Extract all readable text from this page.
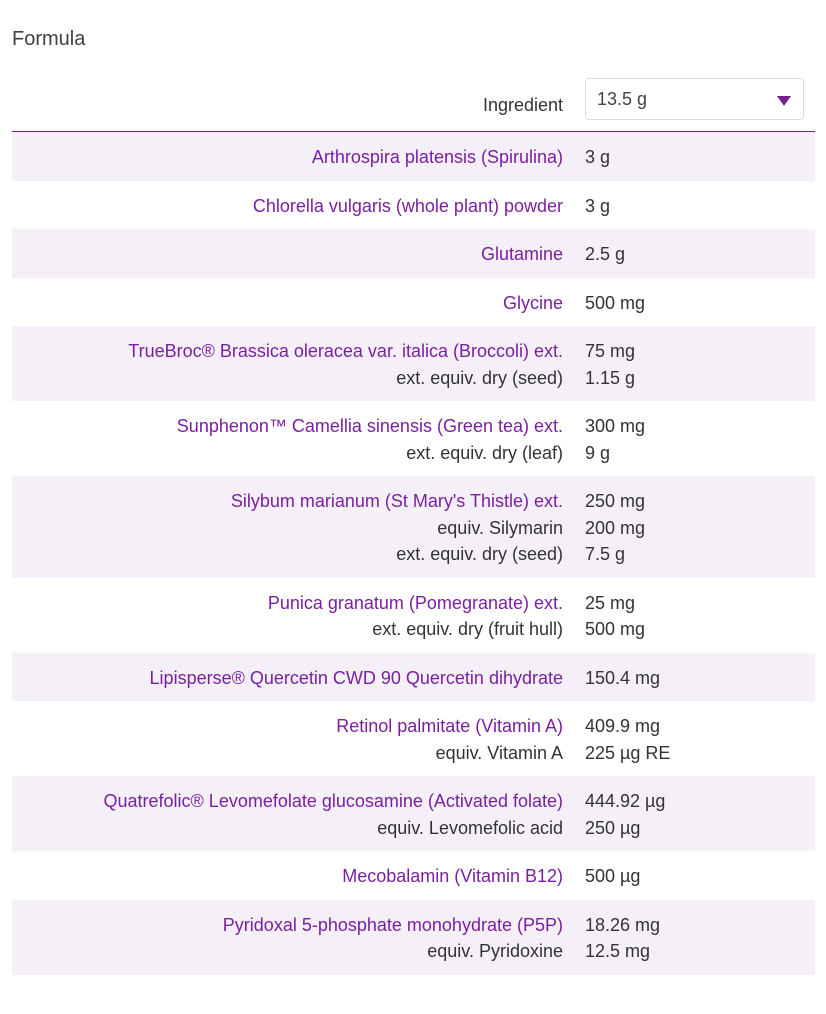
Formula
Ingredient	13.5 g
Arthrospira platensis (Spirulina) 3 g
Chlorella vulgaris (whole plant) powder 3 g
Glutamine 2.5 g
Glycine 500 mg
TrueBroc® Brassica oleracea var. italica (Broccoli) ext.
ext. equiv. dry (seed)
75 mg
1.15 g
Sunphenon™ Camellia sinensis (Green tea) ext.
ext. equiv. dry (leaf)
300 mg
9 g
Silybum marianum (St Mary's Thistle) ext.
equiv. Silymarin
ext. equiv. dry (seed)
250 mg
200 mg
7.5 g
Punica granatum (Pomegranate) ext.
ext. equiv. dry (fruit hull)
25 mg
500 mg
Lipisperse® Quercetin CWD 90 Quercetin dihydrate 150.4 mg
Retinol palmitate (Vitamin A)
equiv. Vitamin A
409.9 mg
225 µg RE
Quatrefolic® Levomefolate glucosamine (Activated folate)
equiv. Levomefolic acid
444.92 µg
250 µg
Mecobalamin (Vitamin B12) 500 µg
Pyridoxal 5-phosphate monohydrate (P5P)
equiv. Pyridoxine
18.26 mg
12.5 mg
